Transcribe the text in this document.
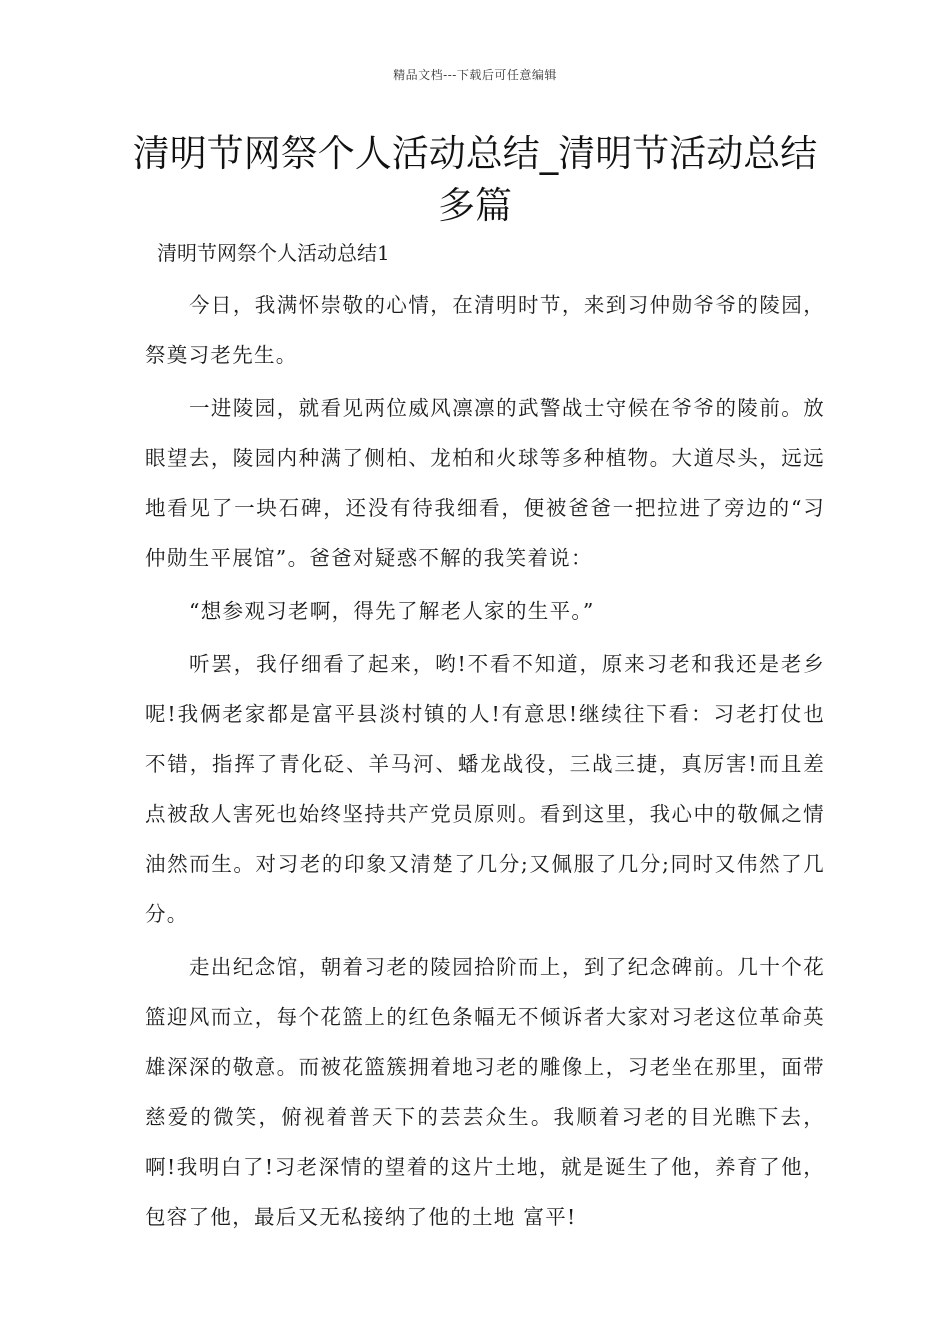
精品文档---下载后可任意编辑
清明节网祭个人活动总结_清明节活动总结多篇
清明节网祭个人活动总结1

今日，我满怀崇敬的心情，在清明时节，来到习仲勋爷爷的陵园，祭奠习老先生。

一进陵园，就看见两位威风凛凛的武警战士守候在爷爷的陵前。放眼望去，陵园内种满了侧柏、龙柏和火球等多种植物。大道尽头，远远地看见了一块石碑，还没有待我细看，便被爸爸一把拉进了旁边的“习仲勋生平展馆”。爸爸对疑惑不解的我笑着说：

“想参观习老啊，得先了解老人家的生平。”

听罢，我仔细看了起来，哟!不看不知道，原来习老和我还是老乡呢!我俩老家都是富平县淡村镇的人!有意思!继续往下看：习老打仗也不错，指挥了青化砭、羊马河、蟠龙战役，三战三捷，真厉害!而且差点被敌人害死也始终坚持共产党员原则。看到这里，我心中的敬佩之情油然而生。对习老的印象又清楚了几分;又佩服了几分;同时又伟然了几分。

走出纪念馆，朝着习老的陵园拾阶而上，到了纪念碑前。几十个花篮迎风而立，每个花篮上的红色条幅无不倾诉者大家对习老这位革命英雄深深的敬意。而被花篮簇拥着地习老的雕像上，习老坐在那里，面带慈爱的微笑，俯视着普天下的芸芸众生。我顺着习老的目光瞧下去，啊!我明白了!习老深情的望着的这片土地，就是诞生了他，养育了他，包容了他，最后又无私接纳了他的土地 富平!
